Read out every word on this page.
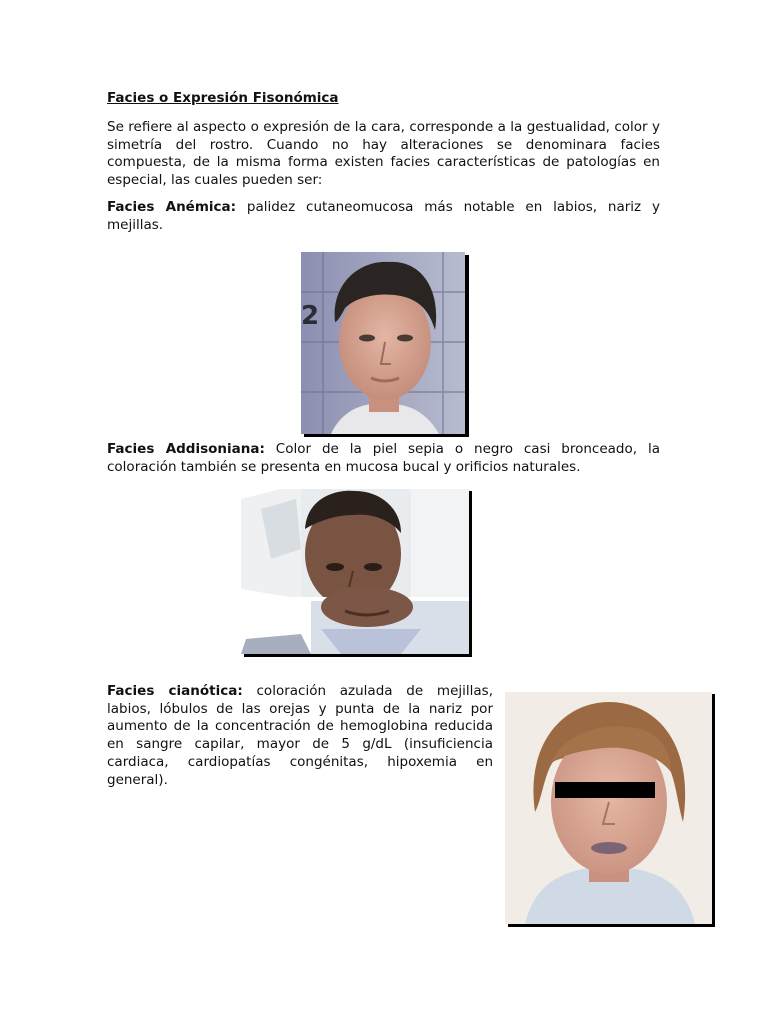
Facies o Expresión Fisonómica
Se refiere al aspecto o expresión de la cara, corresponde a la gestualidad, color y simetría del rostro. Cuando no hay alteraciones se denominara facies compuesta, de la misma forma existen facies características de patologías en especial, las cuales pueden ser:
Facies Anémica: palidez cutaneomucosa más notable en labios, nariz y mejillas.
2
Facies Addisoniana: Color de la piel sepia o negro casi bronceado, la coloración también se presenta en mucosa bucal y orificios naturales.
Facies cianótica: coloración azulada de mejillas, labios, lóbulos de las orejas y punta de la nariz por aumento de la concentración de hemoglobina reducida en sangre capilar, mayor de 5 g/dL (insuficiencia cardiaca, cardiopatías congénitas, hipoxemia en general).
